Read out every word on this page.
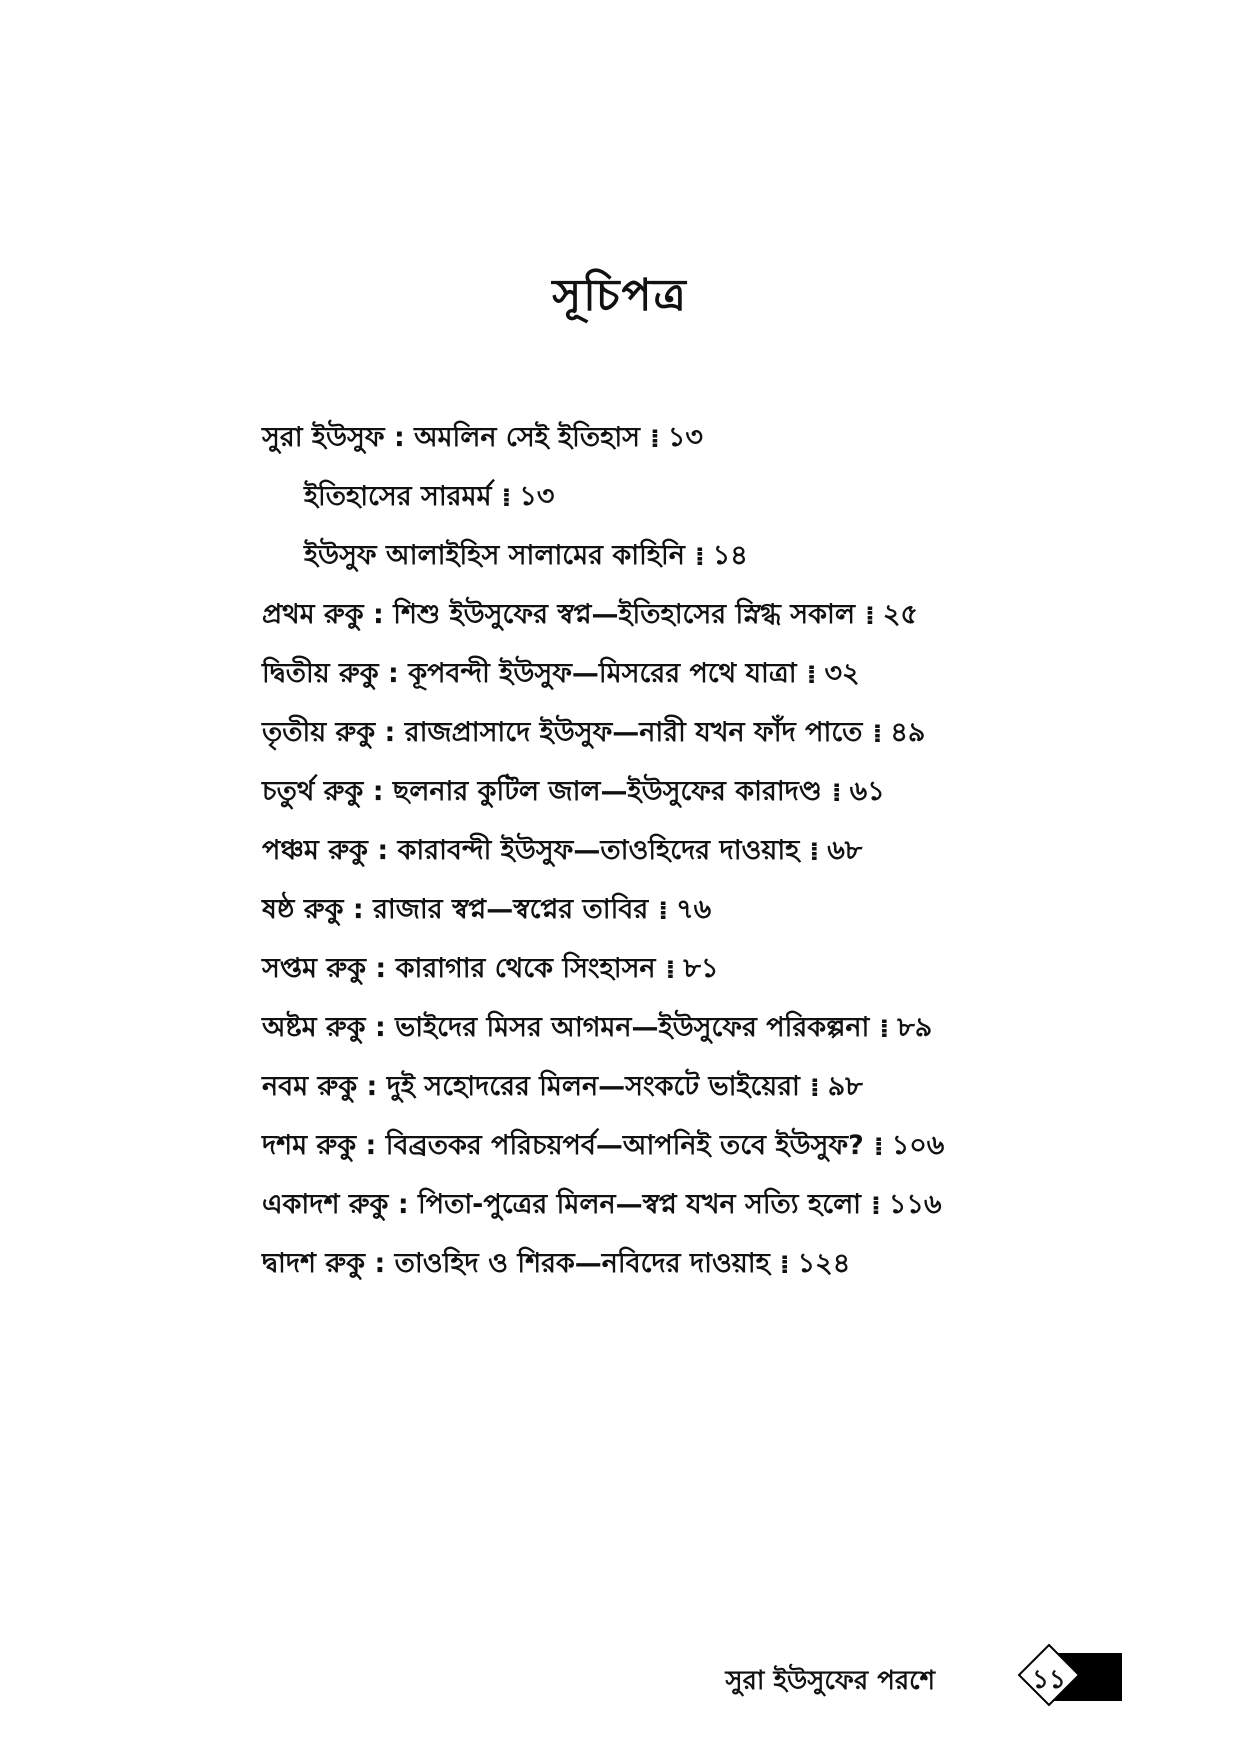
সূচিপত্র
সুরা ইউসুফ : অমলিন সেই ইতিহাস ⁞ ১৩
ইতিহাসের সারমর্ম ⁞ ১৩
ইউসুফ আলাইহিস সালামের কাহিনি ⁞ ১৪
প্রথম রুকু : শিশু ইউসুফের স্বপ্ন—ইতিহাসের স্নিগ্ধ সকাল ⁞ ২৫
দ্বিতীয় রুকু : কূপবন্দী ইউসুফ—মিসরের পথে যাত্রা ⁞ ৩২
তৃতীয় রুকু : রাজপ্রাসাদে ইউসুফ—নারী যখন ফাঁদ পাতে ⁞ ৪৯
চতুর্থ রুকু : ছলনার কুটিল জাল—ইউসুফের কারাদণ্ড ⁞ ৬১
পঞ্চম রুকু : কারাবন্দী ইউসুফ—তাওহিদের দাওয়াহ ⁞ ৬৮
ষষ্ঠ রুকু : রাজার স্বপ্ন—স্বপ্নের তাবির ⁞ ৭৬
সপ্তম রুকু : কারাগার থেকে সিংহাসন ⁞ ৮১
অষ্টম রুকু : ভাইদের মিসর আগমন—ইউসুফের পরিকল্পনা ⁞ ৮৯
নবম রুকু : দুই সহোদরের মিলন—সংকটে ভাইয়েরা ⁞ ৯৮
দশম রুকু : বিব্রতকর পরিচয়পর্ব—আপনিই তবে ইউসুফ? ⁞ ১০৬
একাদশ রুকু : পিতা-পুত্রের মিলন—স্বপ্ন যখন সত্যি হলো ⁞ ১১৬
দ্বাদশ রুকু : তাওহিদ ও শিরক—নবিদের দাওয়াহ ⁞ ১২৪
সুরা ইউসুফের পরশে	১১
